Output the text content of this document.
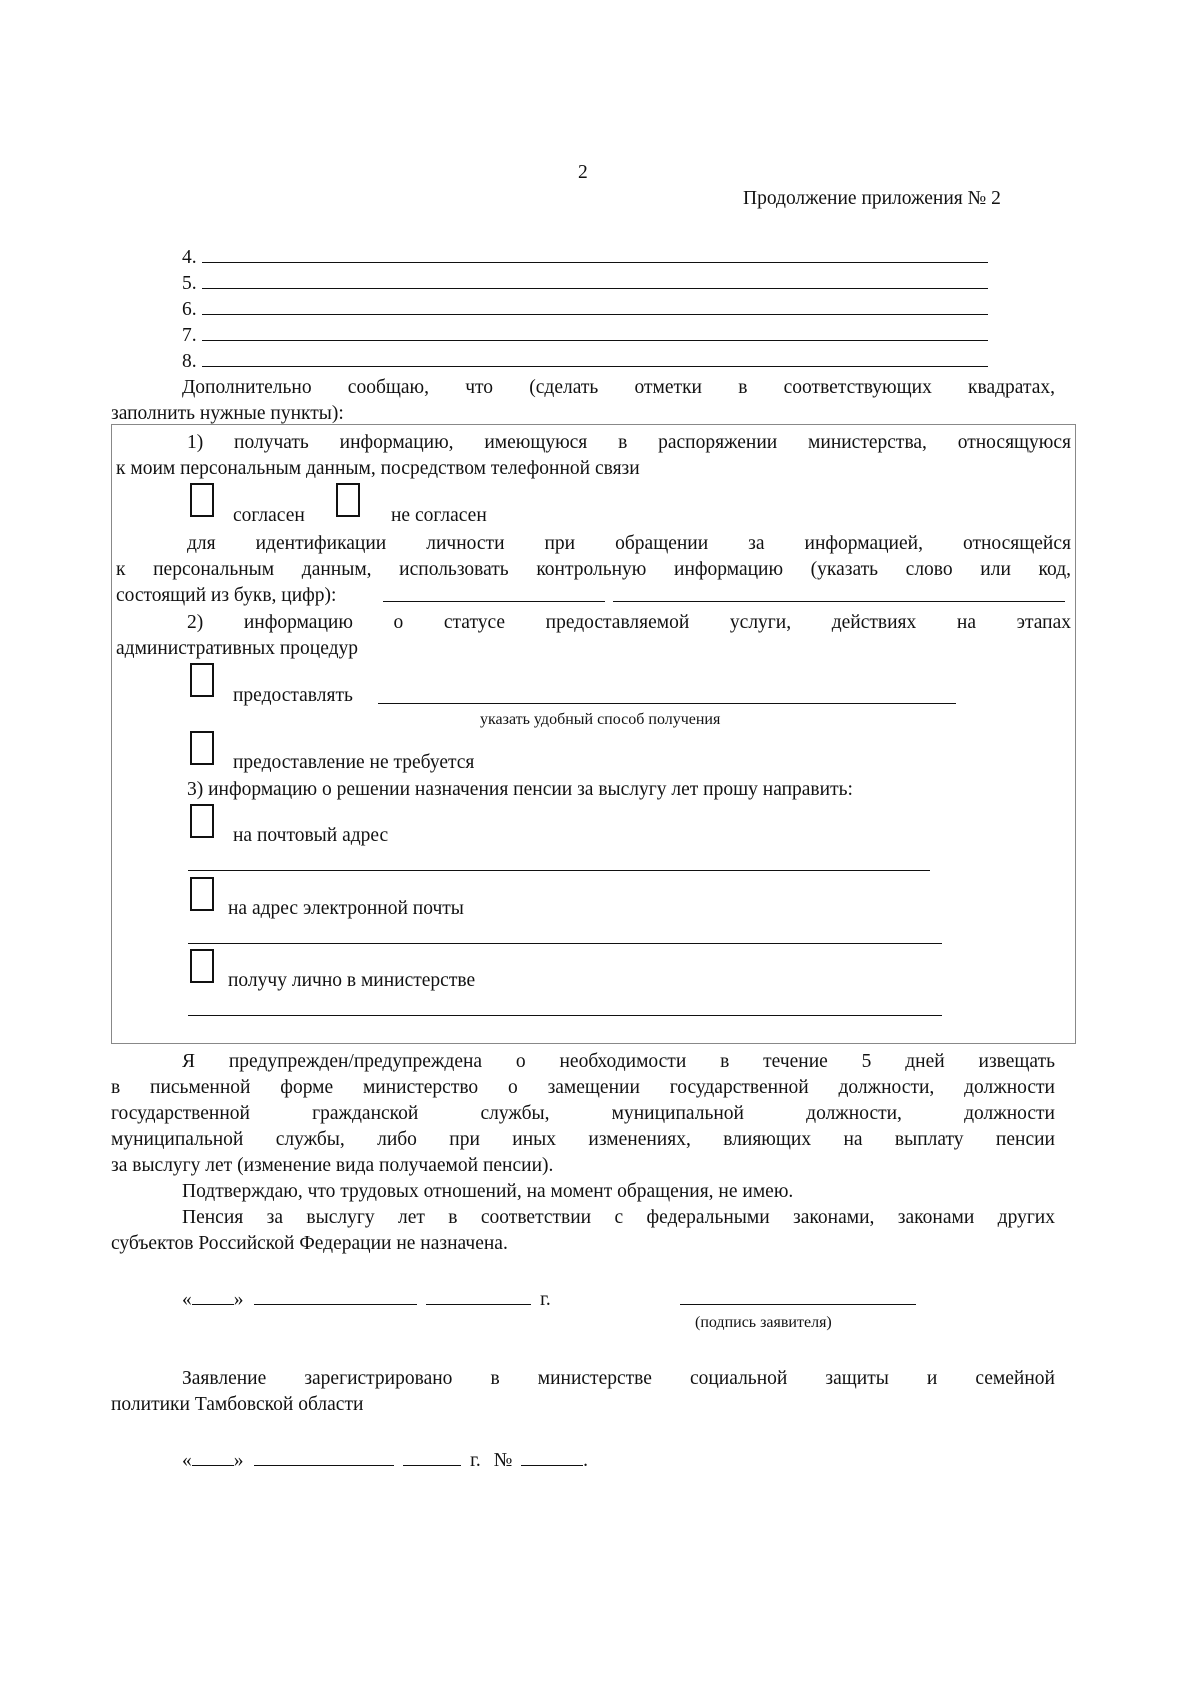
2
Продолжение приложения № 2
4.
5.
6.
7.
8.
Дополнительно сообщаю, что (сделать отметки в соответствующих квадратах,
заполнить нужные пункты):
1) получать информацию, имеющуюся в распоряжении министерства, относящуюся
к моим персональным данным, посредством телефонной связи
согласен	не согласен
для идентификации личности при обращении за информацией, относящейся
к персональным данным, использовать контрольную информацию (указать слово или код,
состоящий из букв, цифр):
2) информацию о статусе предоставляемой услуги, действиях на этапах
административных процедур
предоставлять
указать удобный способ получения
предоставление не требуется
3) информацию о решении назначения пенсии за выслугу лет прошу направить:
на почтовый адрес
на адрес электронной почты
получу лично в министерстве
Я предупрежден/предупреждена о необходимости в течение 5 дней извещать
в письменной форме министерство о замещении государственной должности, должности
государственной гражданской службы, муниципальной должности, должности
муниципальной службы, либо при иных изменениях, влияющих на выплату пенсии
за выслугу лет (изменение вида получаемой пенсии).
Подтверждаю, что трудовых отношений, на момент обращения, не имею.
Пенсия за выслугу лет в соответствии с федеральными законами, законами других
субъектов Российской Федерации не назначена.
« »	г.
(подпись заявителя)
Заявление зарегистрировано в министерстве социальной защиты и семейной
политики Тамбовской области
« »	г. №	.
